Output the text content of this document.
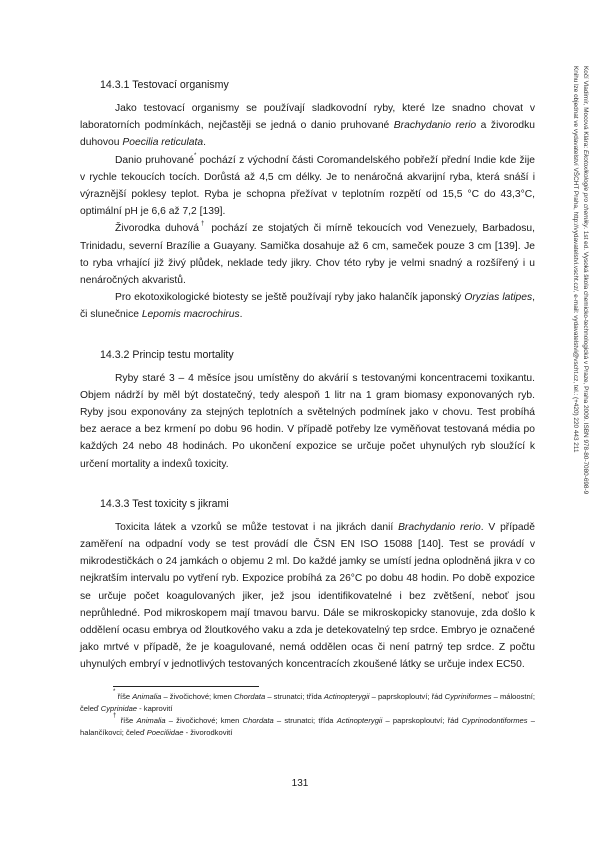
14.3.1 Testovací organismy

Jako testovací organismy se používají sladkovodní ryby, které lze snadno chovat v laboratorních podmínkách, nejčastěji se jedná o danio pruhované Brachydanio rerio a živorodku duhovou Poecilia reticulata.

Danio pruhované* pochází z východní části Coromandelského pobřeží přední Indie kde žije v rychle tekoucích tocích. Dorůstá až 4,5 cm délky. Je to nenáročná akvarijní ryba, která snáší i výraznější poklesy teplot. Ryba je schopna přežívat v teplotním rozpětí od 15,5 °C do 43,3°C, optimální pH je 6,6 až 7,2 [139].

Živorodka duhová† pochází ze stojatých či mírně tekoucích vod Venezuely, Barbadosu, Trinidadu, severní Brazílie a Guayany. Samička dosahuje až 6 cm, sameček pouze 3 cm [139]. Je to ryba vrhající již živý plůdek, neklade tedy jikry. Chov této ryby je velmi snadný a rozšířený i u nenáročných akvaristů.

Pro ekotoxikologické biotesty se ještě používají ryby jako halančík japonský Oryzias latipes, či slunečnice Lepomis macrochirus.

14.3.2 Princip testu mortality

Ryby staré 3 – 4 měsíce jsou umístěny do akvárií s testovanými koncentracemi toxikantu. Objem nádrží by měl být dostatečný, tedy alespoň 1 litr na 1 gram biomasy exponovaných ryb. Ryby jsou exponovány za stejných teplotních a světelných podmínek jako v chovu. Test probíhá bez aerace a bez krmení po dobu 96 hodin. V případě potřeby lze vyměňovat testovaná média po každých 24 nebo 48 hodinách. Po ukončení expozice se určuje počet uhynulých ryb sloužící k určení mortality a indexů toxicity.

14.3.3 Test toxicity s jikrami

Toxicita látek a vzorků se může testovat i na jikrách danií Brachydanio rerio. V případě zaměření na odpadní vody se test provádí dle ČSN EN ISO 15088 [140]. Test se provádí v mikrodestičkách o 24 jamkách o objemu 2 ml. Do každé jamky se umístí jedna oplodněná jikra v co nejkratším intervalu po vytření ryb. Expozice probíhá za 26°C po dobu 48 hodin. Po době expozice se určuje počet koagulovaných jiker, jež jsou identifikovatelné i bez zvětšení, neboť jsou neprůhledné. Pod mikroskopem mají tmavou barvu. Dále se mikroskopicky stanovuje, zda došlo k oddělení ocasu embrya od žloutkového vaku a zda je detekovatelný tep srdce. Embryo je označené jako mrtvé v případě, že je koagulované, nemá oddělen ocas či není patrný tep srdce. Z počtu uhynulých embryí v jednotlivých testovaných koncentracích zkoušené látky se určuje index EC50.

* říše Animalia – živočichové; kmen Chordata – strunatci; třída Actinopterygii – paprskoploutví; řád Cypriniformes – máloostní; čeleď Cyprinidae - kaprovití

† říše Animalia – živočichové; kmen Chordata – strunatci; třída Actinopterygii – paprskoploutví; řád Cyprinodontiformes – halančíkovci; čeleď Poeciliidae - živorodkovití

131
Kočí Vladimír, Mocová Klára: Ekotoxikologie pro chemiky. 1st ed. Vysoká škola chemicko-technologická v Praze, Praha 2009. ISBN 978-80-7080-698-9
Knihu lze objednat ve vydavatelství VŠCHT Praha, http://vydavatelstvi.vscht.cz/, e-mail: vydavatelstvi@vscht.cz, tel.: (+420) 220 443 211
